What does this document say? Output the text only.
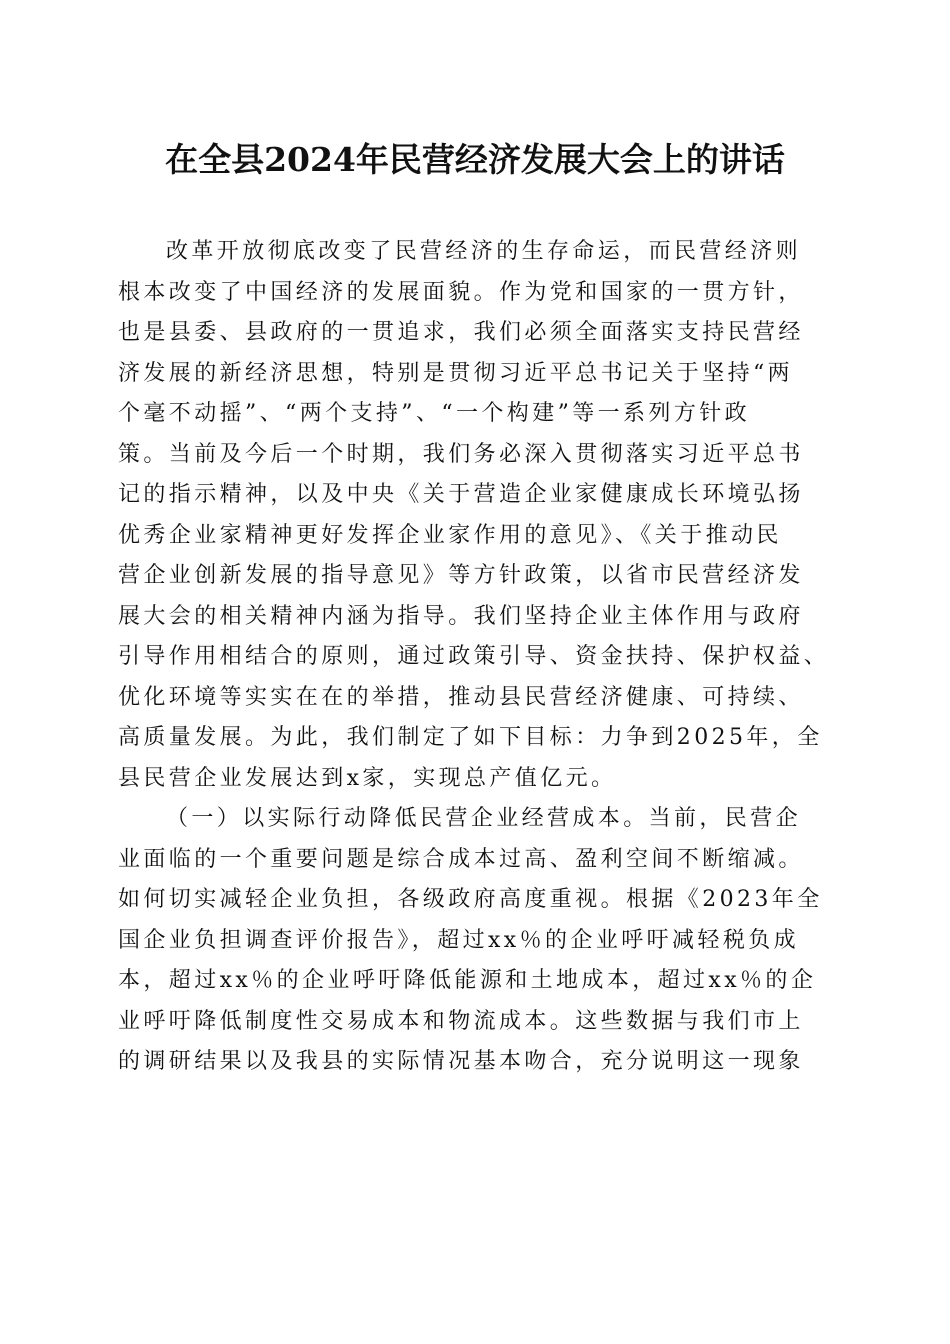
在全县2024年民营经济发展大会上的讲话
改革开放彻底改变了民营经济的生存命运，而民营经济则
根本改变了中国经济的发展面貌。作为党和国家的一贯方针，
也是县委、县政府的一贯追求，我们必须全面落实支持民营经
济发展的新经济思想，特别是贯彻习近平总书记关于坚持“两
个毫不动摇”、“两个支持”、“一个构建”等一系列方针政
策。当前及今后一个时期，我们务必深入贯彻落实习近平总书
记的指示精神，以及中央《关于营造企业家健康成长环境弘扬
优秀企业家精神更好发挥企业家作用的意见》、《关于推动民
营企业创新发展的指导意见》等方针政策，以省市民营经济发
展大会的相关精神内涵为指导。我们坚持企业主体作用与政府
引导作用相结合的原则，通过政策引导、资金扶持、保护权益、
优化环境等实实在在的举措，推动县民营经济健康、可持续、
高质量发展。为此，我们制定了如下目标：力争到2025年，全
县民营企业发展达到x家，实现总产值亿元。
（一）以实际行动降低民营企业经营成本。当前，民营企
业面临的一个重要问题是综合成本过高、盈利空间不断缩减。
如何切实减轻企业负担，各级政府高度重视。根据《2023年全
国企业负担调查评价报告》，超过xx％的企业呼吁减轻税负成
本，超过xx％的企业呼吁降低能源和土地成本，超过xx％的企
业呼吁降低制度性交易成本和物流成本。这些数据与我们市上
的调研结果以及我县的实际情况基本吻合，充分说明这一现象
